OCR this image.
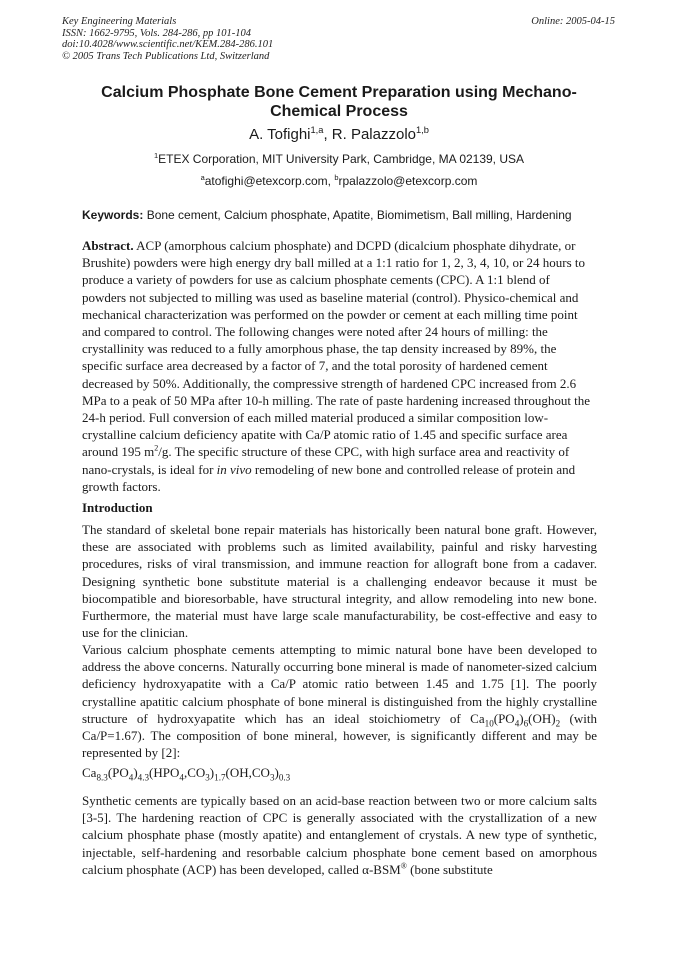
Key Engineering Materials
ISSN: 1662-9795, Vols. 284-286, pp 101-104
doi:10.4028/www.scientific.net/KEM.284-286.101
© 2005 Trans Tech Publications Ltd, Switzerland
Online: 2005-04-15
Calcium Phosphate Bone Cement Preparation using Mechano-Chemical Process
A. Tofighi$^{1,a}$, R. Palazzolo$^{1,b}$
$^1$ETEX Corporation, MIT University Park, Cambridge, MA 02139, USA
$^a$atofighi@etexcorp.com, $^b$rpalazzolo@etexcorp.com
Keywords: Bone cement, Calcium phosphate, Apatite, Biomimetism, Ball milling, Hardening
Abstract. ACP (amorphous calcium phosphate) and DCPD (dicalcium phosphate dihydrate, or Brushite) powders were high energy dry ball milled at a 1:1 ratio for 1, 2, 3, 4, 10, or 24 hours to produce a variety of powders for use as calcium phosphate cements (CPC). A 1:1 blend of powders not subjected to milling was used as baseline material (control). Physico-chemical and mechanical characterization was performed on the powder or cement at each milling time point and compared to control. The following changes were noted after 24 hours of milling: the crystallinity was reduced to a fully amorphous phase, the tap density increased by 89%, the specific surface area decreased by a factor of 7, and the total porosity of hardened cement decreased by 50%. Additionally, the compressive strength of hardened CPC increased from 2.6 MPa to a peak of 50 MPa after 10-h milling. The rate of paste hardening increased throughout the 24-h period. Full conversion of each milled material produced a similar composition low-crystalline calcium deficiency apatite with Ca/P atomic ratio of 1.45 and specific surface area around 195 $m^2/g$. The specific structure of these CPC, with high surface area and reactivity of nano-crystals, is ideal for in vivo remodeling of new bone and controlled release of protein and growth factors.
Introduction
The standard of skeletal bone repair materials has historically been natural bone graft. However, these are associated with problems such as limited availability, painful and risky harvesting procedures, risks of viral transmission, and immune reaction for allograft bone from a cadaver. Designing synthetic bone substitute material is a challenging endeavor because it must be biocompatible and bioresorbable, have structural integrity, and allow remodeling into new bone. Furthermore, the material must have large scale manufacturability, be cost-effective and easy to use for the clinician.
Various calcium phosphate cements attempting to mimic natural bone have been developed to address the above concerns. Naturally occurring bone mineral is made of nanometer-sized calcium deficiency hydroxyapatite with a Ca/P atomic ratio between 1.45 and 1.75 [1]. The poorly crystalline apatitic calcium phosphate of bone mineral is distinguished from the highly crystalline structure of hydroxyapatite which has an ideal stoichiometry of $Ca_{10}(PO_4)_6(OH)_2$ (with Ca/P=1.67). The composition of bone mineral, however, is significantly different and may be represented by [2]:
$Ca_{8.3}(PO_4)_{4.3}(HPO_4,CO_3)_{1.7}(OH,CO_3)_{0.3}$
Synthetic cements are typically based on an acid-base reaction between two or more calcium salts [3-5]. The hardening reaction of CPC is generally associated with the crystallization of a new calcium phosphate phase (mostly apatite) and entanglement of crystals. A new type of synthetic, injectable, self-hardening and resorbable calcium phosphate bone cement based on amorphous calcium phosphate (ACP) has been developed, called α-BSM® (bone substitute
